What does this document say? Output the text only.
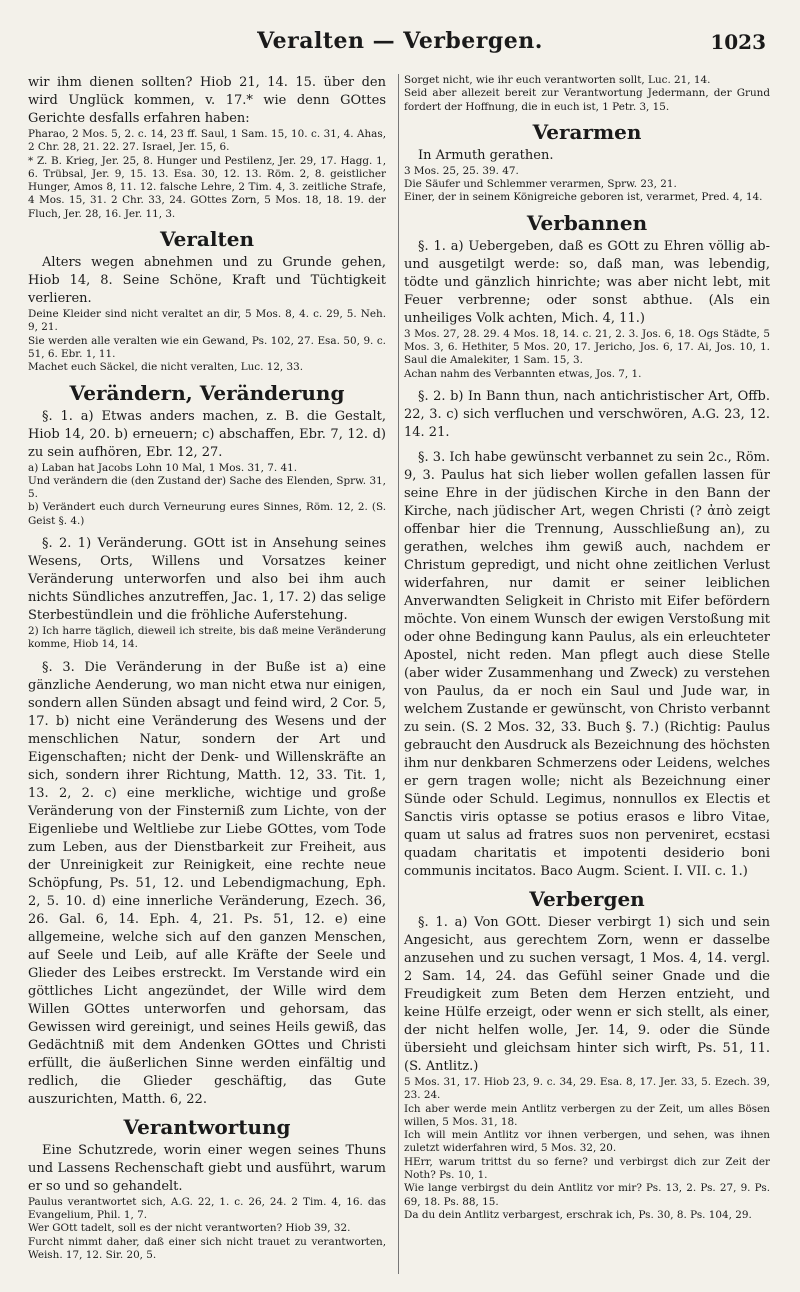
Veralten — Verbergen.	1023

wir ihm dienen sollten? Hiob 21, 14. 15. über den wird Unglück kommen, v. 17.* wie denn GOttes Gerichte desfalls erfahren haben:

Pharao, 2 Mos. 5, 2. c. 14, 23 ff. Saul, 1 Sam. 15, 10. c. 31, 4. Ahas, 2 Chr. 28, 21. 22. 27. Israel, Jer. 15, 6.

* Z. B. Krieg, Jer. 25, 8. Hunger und Pestilenz, Jer. 29, 17. Hagg. 1, 6. Trübsal, Jer. 9, 15. 13. Esa. 30, 12. 13. Röm. 2, 8. geistlicher Hunger, Amos 8, 11. 12. falsche Lehre, 2 Tim. 4, 3. zeitliche Strafe, 4 Mos. 15, 31. 2 Chr. 33, 24. GOttes Zorn, 5 Mos. 18, 18. 19. der Fluch, Jer. 28, 16. Jer. 11, 3.

Veralten

Alters wegen abnehmen und zu Grunde gehen, Hiob 14, 8. Seine Schöne, Kraft und Tüchtigkeit verlieren.

Deine Kleider sind nicht veraltet an dir, 5 Mos. 8, 4. c. 29, 5. Neh. 9, 21.

Sie werden alle veralten wie ein Gewand, Ps. 102, 27. Esa. 50, 9. c. 51, 6. Ebr. 1, 11.

Machet euch Säckel, die nicht veralten, Luc. 12, 33.

Verändern, Veränderung

§. 1. a) Etwas anders machen, z. B. die Gestalt, Hiob 14, 20. b) erneuern; c) abschaffen, Ebr. 7, 12. d) zu sein aufhören, Ebr. 12, 27.

a) Laban hat Jacobs Lohn 10 Mal, 1 Mos. 31, 7. 41.

Und verändern die (den Zustand der) Sache des Elenden, Sprw. 31, 5.

b) Verändert euch durch Verneurung eures Sinnes, Röm. 12, 2. (S. Geist §. 4.)

§. 2. 1) Veränderung. GOtt ist in Ansehung seines Wesens, Orts, Willens und Vorsatzes keiner Veränderung unterworfen und also bei ihm auch nichts Sündliches anzutreffen, Jac. 1, 17. 2) das selige Sterbestündlein und die fröhliche Auferstehung.

2) Ich harre täglich, dieweil ich streite, bis daß meine Veränderung komme, Hiob 14, 14.

§. 3. Die Veränderung in der Buße ist a) eine gänzliche Aenderung, wo man nicht etwa nur einigen, sondern allen Sünden absagt und feind wird, 2 Cor. 5, 17. b) nicht eine Veränderung des Wesens und der menschlichen Natur, sondern der Art und Eigenschaften; nicht der Denk- und Willenskräfte an sich, sondern ihrer Richtung, Matth. 12, 33. Tit. 1, 13. 2, 2. c) eine merkliche, wichtige und große Veränderung von der Finsterniß zum Lichte, von der Eigenliebe und Weltliebe zur Liebe GOttes, vom Tode zum Leben, aus der Dienstbarkeit zur Freiheit, aus der Unreinigkeit zur Reinigkeit, eine rechte neue Schöpfung, Ps. 51, 12. und Lebendigmachung, Eph. 2, 5. 10. d) eine innerliche Veränderung, Ezech. 36, 26. Gal. 6, 14. Eph. 4, 21. Ps. 51, 12. e) eine allgemeine, welche sich auf den ganzen Menschen, auf Seele und Leib, auf alle Kräfte der Seele und Glieder des Leibes erstreckt. Im Verstande wird ein göttliches Licht angezündet, der Wille wird dem Willen GOttes unterworfen und gehorsam, das Gewissen wird gereinigt, und seines Heils gewiß, das Gedächtniß mit dem Andenken GOttes und Christi erfüllt, die äußerlichen Sinne werden einfältig und redlich, die Glieder geschäftig, das Gute auszurichten, Matth. 6, 22.

Verantwortung

Eine Schutzrede, worin einer wegen seines Thuns und Lassens Rechenschaft giebt und ausführt, warum er so und so gehandelt.

Paulus verantwortet sich, A.G. 22, 1. c. 26, 24. 2 Tim. 4, 16. das Evangelium, Phil. 1, 7.

Wer GOtt tadelt, soll es der nicht verantworten? Hiob 39, 32.

Furcht nimmt daher, daß einer sich nicht trauet zu verantworten, Weish. 17, 12. Sir. 20, 5.

Sorget nicht, wie ihr euch verantworten sollt, Luc. 21, 14.

Seid aber allezeit bereit zur Verantwortung Jedermann, der Grund fordert der Hoffnung, die in euch ist, 1 Petr. 3, 15.

Verarmen

In Armuth gerathen.

3 Mos. 25, 25. 39. 47.

Die Säufer und Schlemmer verarmen, Sprw. 23, 21.

Einer, der in seinem Königreiche geboren ist, verarmet, Pred. 4, 14.

Verbannen

§. 1. a) Uebergeben, daß es GOtt zu Ehren völlig ab- und ausgetilgt werde: so, daß man, was lebendig, tödte und gänzlich hinrichte; was aber nicht lebt, mit Feuer verbrenne; oder sonst abthue. (Als ein unheiliges Volk achten, Mich. 4, 11.)

3 Mos. 27, 28. 29. 4 Mos. 18, 14. c. 21, 2. 3. Jos. 6, 18. Ogs Städte, 5 Mos. 3, 6. Hethiter, 5 Mos. 20, 17. Jericho, Jos. 6, 17. Ai, Jos. 10, 1. Saul die Amalekiter, 1 Sam. 15, 3.

Achan nahm des Verbannten etwas, Jos. 7, 1.

§. 2. b) In Bann thun, nach antichristischer Art, Offb. 22, 3. c) sich verfluchen und verschwören, A.G. 23, 12. 14. 21.

§. 3. Ich habe gewünscht verbannet zu sein 2c., Röm. 9, 3. Paulus hat sich lieber wollen gefallen lassen für seine Ehre in der jüdischen Kirche in den Bann der Kirche, nach jüdischer Art, wegen Christi (? ἀπὸ zeigt offenbar hier die Trennung, Ausschließung an), zu gerathen, welches ihm gewiß auch, nachdem er Christum gepredigt, und nicht ohne zeitlichen Verlust widerfahren, nur damit er seiner leiblichen Anverwandten Seligkeit in Christo mit Eifer befördern möchte. Von einem Wunsch der ewigen Verstoßung mit oder ohne Bedingung kann Paulus, als ein erleuchteter Apostel, nicht reden. Man pflegt auch diese Stelle (aber wider Zusammenhang und Zweck) zu verstehen von Paulus, da er noch ein Saul und Jude war, in welchem Zustande er gewünscht, von Christo verbannt zu sein. (S. 2 Mos. 32, 33. Buch §. 7.) (Richtig: Paulus gebraucht den Ausdruck als Bezeichnung des höchsten ihm nur denkbaren Schmerzens oder Leidens, welches er gern tragen wolle; nicht als Bezeichnung einer Sünde oder Schuld. Legimus, nonnullos ex Electis et Sanctis viris optasse se potius erasos e libro Vitae, quam ut salus ad fratres suos non perveniret, ecstasi quadam charitatis et impotenti desiderio boni communis incitatos. Baco Augm. Scient. I. VII. c. 1.)

Verbergen

§. 1. a) Von GOtt. Dieser verbirgt 1) sich und sein Angesicht, aus gerechtem Zorn, wenn er dasselbe anzusehen und zu suchen versagt, 1 Mos. 4, 14. vergl. 2 Sam. 14, 24. das Gefühl seiner Gnade und die Freudigkeit zum Beten dem Herzen entzieht, und keine Hülfe erzeigt, oder wenn er sich stellt, als einer, der nicht helfen wolle, Jer. 14, 9. oder die Sünde übersieht und gleichsam hinter sich wirft, Ps. 51, 11. (S. Antlitz.)

5 Mos. 31, 17. Hiob 23, 9. c. 34, 29. Esa. 8, 17. Jer. 33, 5. Ezech. 39, 23. 24.

Ich aber werde mein Antlitz verbergen zu der Zeit, um alles Bösen willen, 5 Mos. 31, 18.

Ich will mein Antlitz vor ihnen verbergen, und sehen, was ihnen zuletzt widerfahren wird, 5 Mos. 32, 20.

HErr, warum trittst du so ferne? und verbirgst dich zur Zeit der Noth? Ps. 10, 1.

Wie lange verbirgst du dein Antlitz vor mir? Ps. 13, 2. Ps. 27, 9. Ps. 69, 18. Ps. 88, 15.

Da du dein Antlitz verbargest, erschrak ich, Ps. 30, 8. Ps. 104, 29.
